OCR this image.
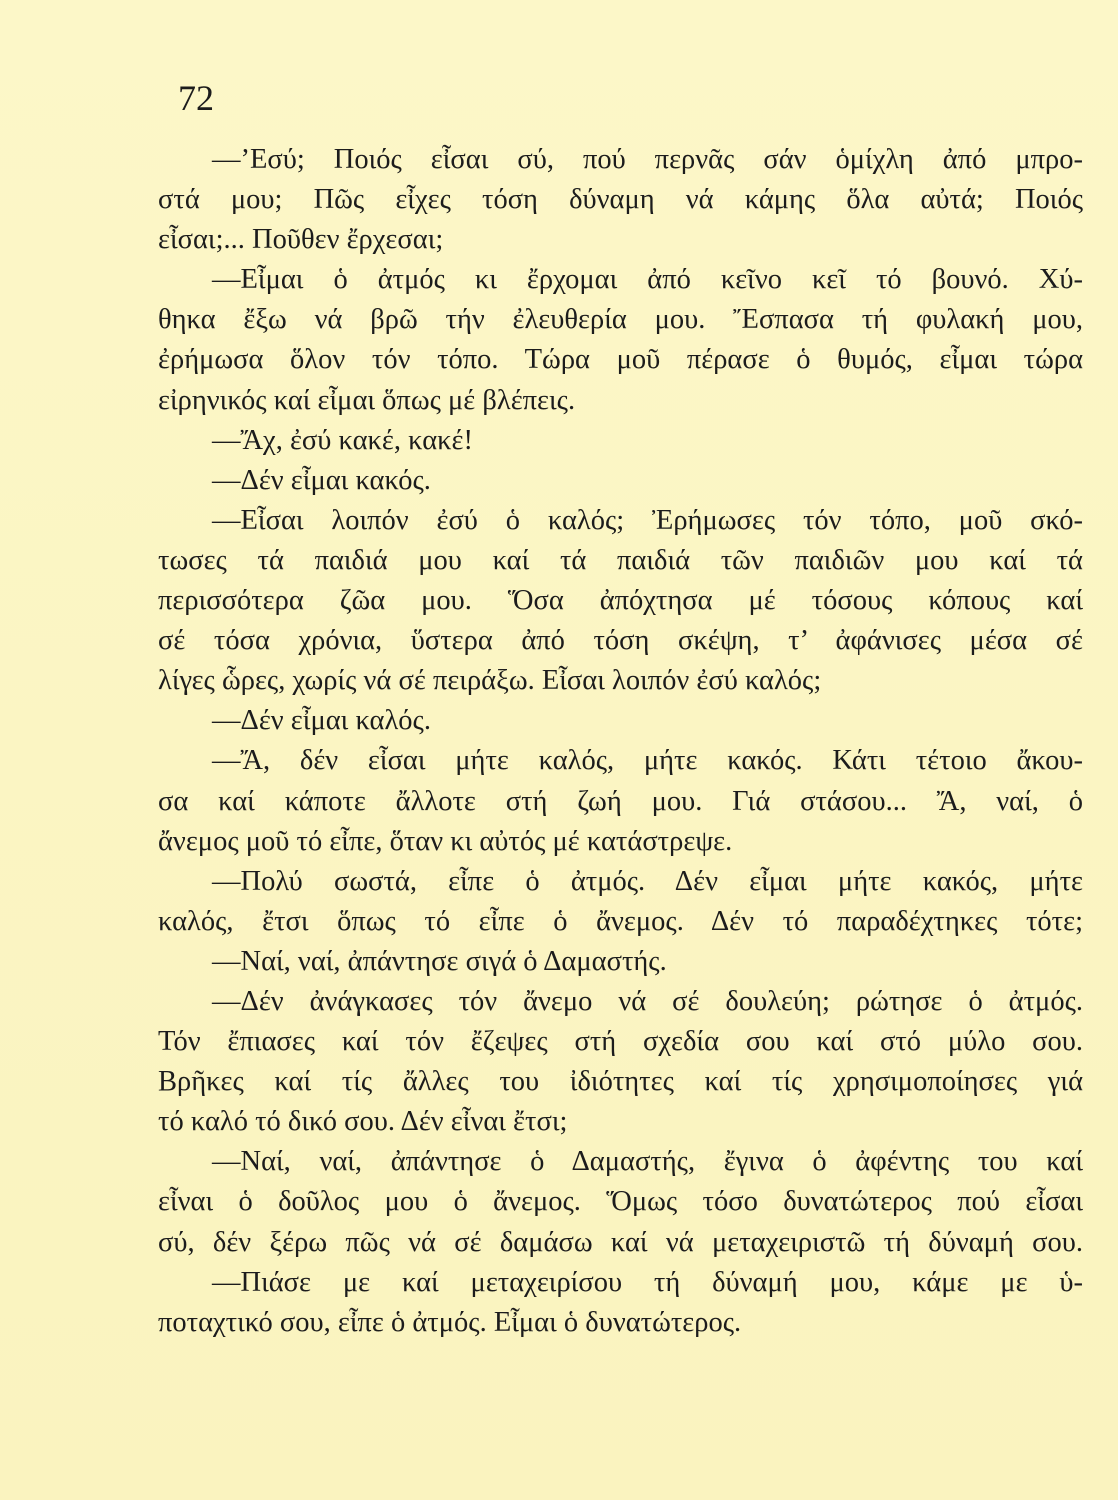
72
—’Εσύ; Ποιός εἶσαι σύ, πού περνᾶς σάν ὁμίχλη ἀπό μπρο-
στά μου; Πῶς εἶχες τόση δύναμη νά κάμης ὅλα αὐτά; Ποιός
εἶσαι;... Ποῦθεν ἔρχεσαι;
—Εἶμαι ὁ ἀτμός κι ἔρχομαι ἀπό κεῖνο κεῖ τό βουνό. Χύ-
θηκα ἔξω νά βρῶ τήν ἐλευθερία μου. Ἔσπασα τή φυλακή μου,
ἐρήμωσα ὅλον τόν τόπο. Τώρα μοῦ πέρασε ὁ θυμός, εἶμαι τώρα
εἰρηνικός καί εἶμαι ὅπως μέ βλέπεις.
—Ἄχ, ἐσύ κακέ, κακέ!
—Δέν εἶμαι κακός.
—Εἶσαι λοιπόν ἐσύ ὁ καλός; Ἐρήμωσες τόν τόπο, μοῦ σκό-
τωσες τά παιδιά μου καί τά παιδιά τῶν παιδιῶν μου καί τά
περισσότερα ζῶα μου. Ὅσα ἀπόχτησα μέ τόσους κόπους καί
σέ τόσα χρόνια, ὕστερα ἀπό τόση σκέψη, τ’ ἀφάνισες μέσα σέ
λίγες ὧρες, χωρίς νά σέ πειράξω. Εἶσαι λοιπόν ἐσύ καλός;
—Δέν εἶμαι καλός.
—Ἄ, δέν εἶσαι μήτε καλός, μήτε κακός. Κάτι τέτοιο ἄκου-
σα καί κάποτε ἄλλοτε στή ζωή μου. Γιά στάσου... Ἄ, ναί, ὁ
ἄνεμος μοῦ τό εἶπε, ὅταν κι αὐτός μέ κατάστρεψε.
—Πολύ σωστά, εἶπε ὁ ἀτμός. Δέν εἶμαι μήτε κακός, μήτε
καλός, ἔτσι ὅπως τό εἶπε ὁ ἄνεμος. Δέν τό παραδέχτηκες τότε;
—Ναί, ναί, ἀπάντησε σιγά ὁ Δαμαστής.
—Δέν ἀνάγκασες τόν ἄνεμο νά σέ δουλεύη; ρώτησε ὁ ἀτμός.
Τόν ἔπιασες καί τόν ἔζεψες στή σχεδία σου καί στό μύλο σου.
Βρῆκες καί τίς ἄλλες του ἰδιότητες καί τίς χρησιμοποίησες γιά
τό καλό τό δικό σου. Δέν εἶναι ἔτσι;
—Ναί, ναί, ἀπάντησε ὁ Δαμαστής, ἔγινα ὁ ἀφέντης του καί
εἶναι ὁ δοῦλος μου ὁ ἄνεμος. Ὅμως τόσο δυνατώτερος πού εἶσαι
σύ, δέν ξέρω πῶς νά σέ δαμάσω καί νά μεταχειριστῶ τή δύναμή σου.
—Πιάσε με καί μεταχειρίσου τή δύναμή μου, κάμε με ὑ-
ποταχτικό σου, εἶπε ὁ ἀτμός. Εἶμαι ὁ δυνατώτερος.
